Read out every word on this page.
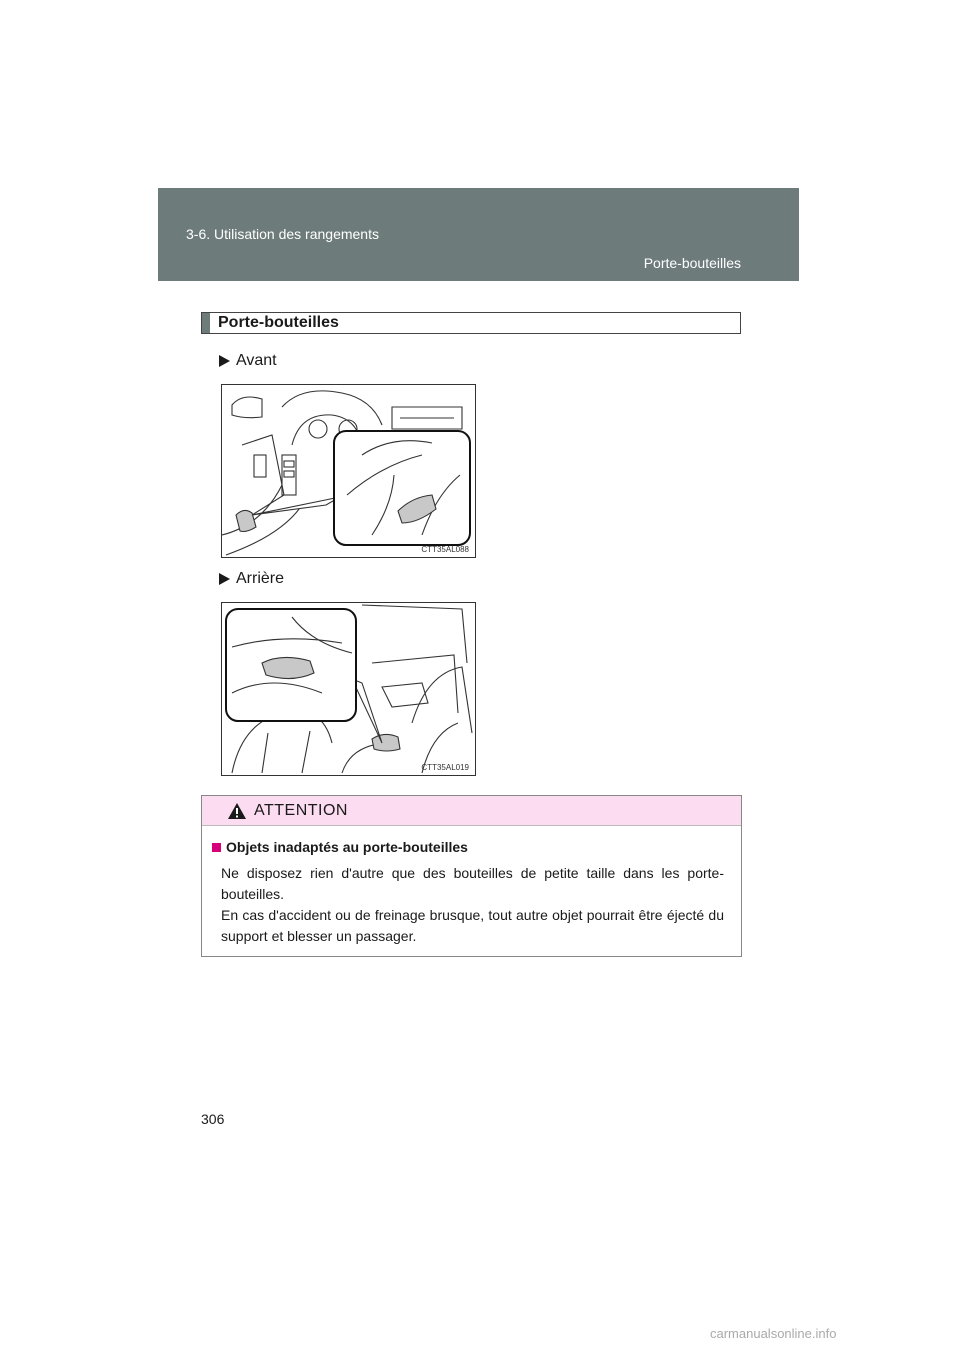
3-6. Utilisation des rangements
Porte-bouteilles
Porte-bouteilles
Avant
CTT35AL088
Arrière
CTT35AL019
ATTENTION
Objets inadaptés au porte-bouteilles

Ne disposez rien d'autre que des bouteilles de petite taille dans les porte-bouteilles.

En cas d'accident ou de freinage brusque, tout autre objet pourrait être éjecté du support et blesser un passager.

306
carmanualsonline.info
